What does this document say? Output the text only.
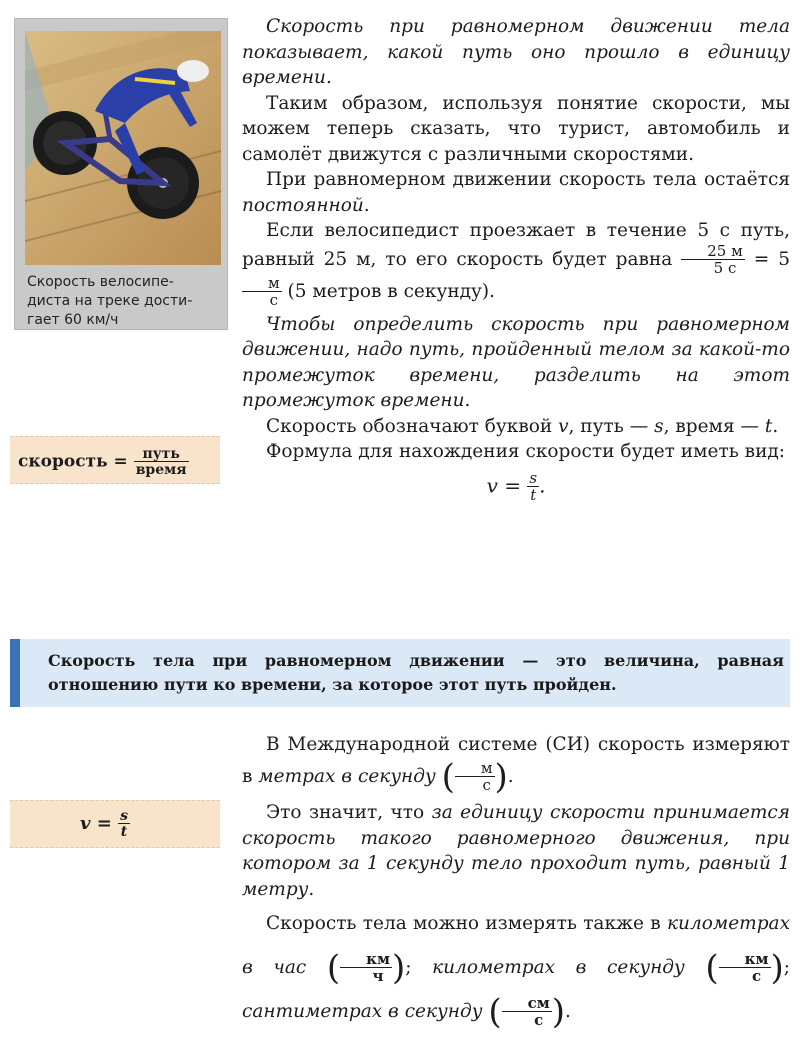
Скорость велосипе-
диста на треке дости-
гает 60 км/ч
скорость = $\frac{\text{путь}}{\text{время}}$

Скорость при равномерном движении тела показывает, какой путь оно прошло в единицу времени.

Таким образом, используя понятие скорости, мы можем теперь сказать, что турист, автомобиль и самолёт движутся с различными скоростями.

При равномерном движении скорость тела остаётся постоянной.

Если велосипедист проезжает в течение 5 с путь, равный 25 м, то его скорость будет равна $\frac{25 м}{5 с} = 5$
$\frac{м}{с} (5$ метров в секунду).

Чтобы определить скорость при равномерном движении, надо путь, пройденный телом за какой-то промежуток времени, разделить на этот промежуток времени.

Скорость обозначают буквой v, путь — s, время — t.

Формула для нахождения скорости будет иметь вид:

$v = \frac{s}{t}$ .
Скорость тела при равномерном движении — это величина, равная отношению пути ко времени, за которое этот путь пройден.
$v = \frac{s}{t}$

В Международной системе (СИ) скорость измеряют в метрах в секунду ( $\frac{м}{с}$ ).

Это значит, что за единицу скорости принимается скорость такого равномерного движения, при котором за 1 секунду тело проходит путь, равный 1 метру.

Скорость тела можно измерять также в километрах в час ( $\frac{км}{ч}$ ); километрах в секунду ( $\frac{км}{с}$ ); сантиметрах в секунду ( $\frac{см}{с}$ ).
